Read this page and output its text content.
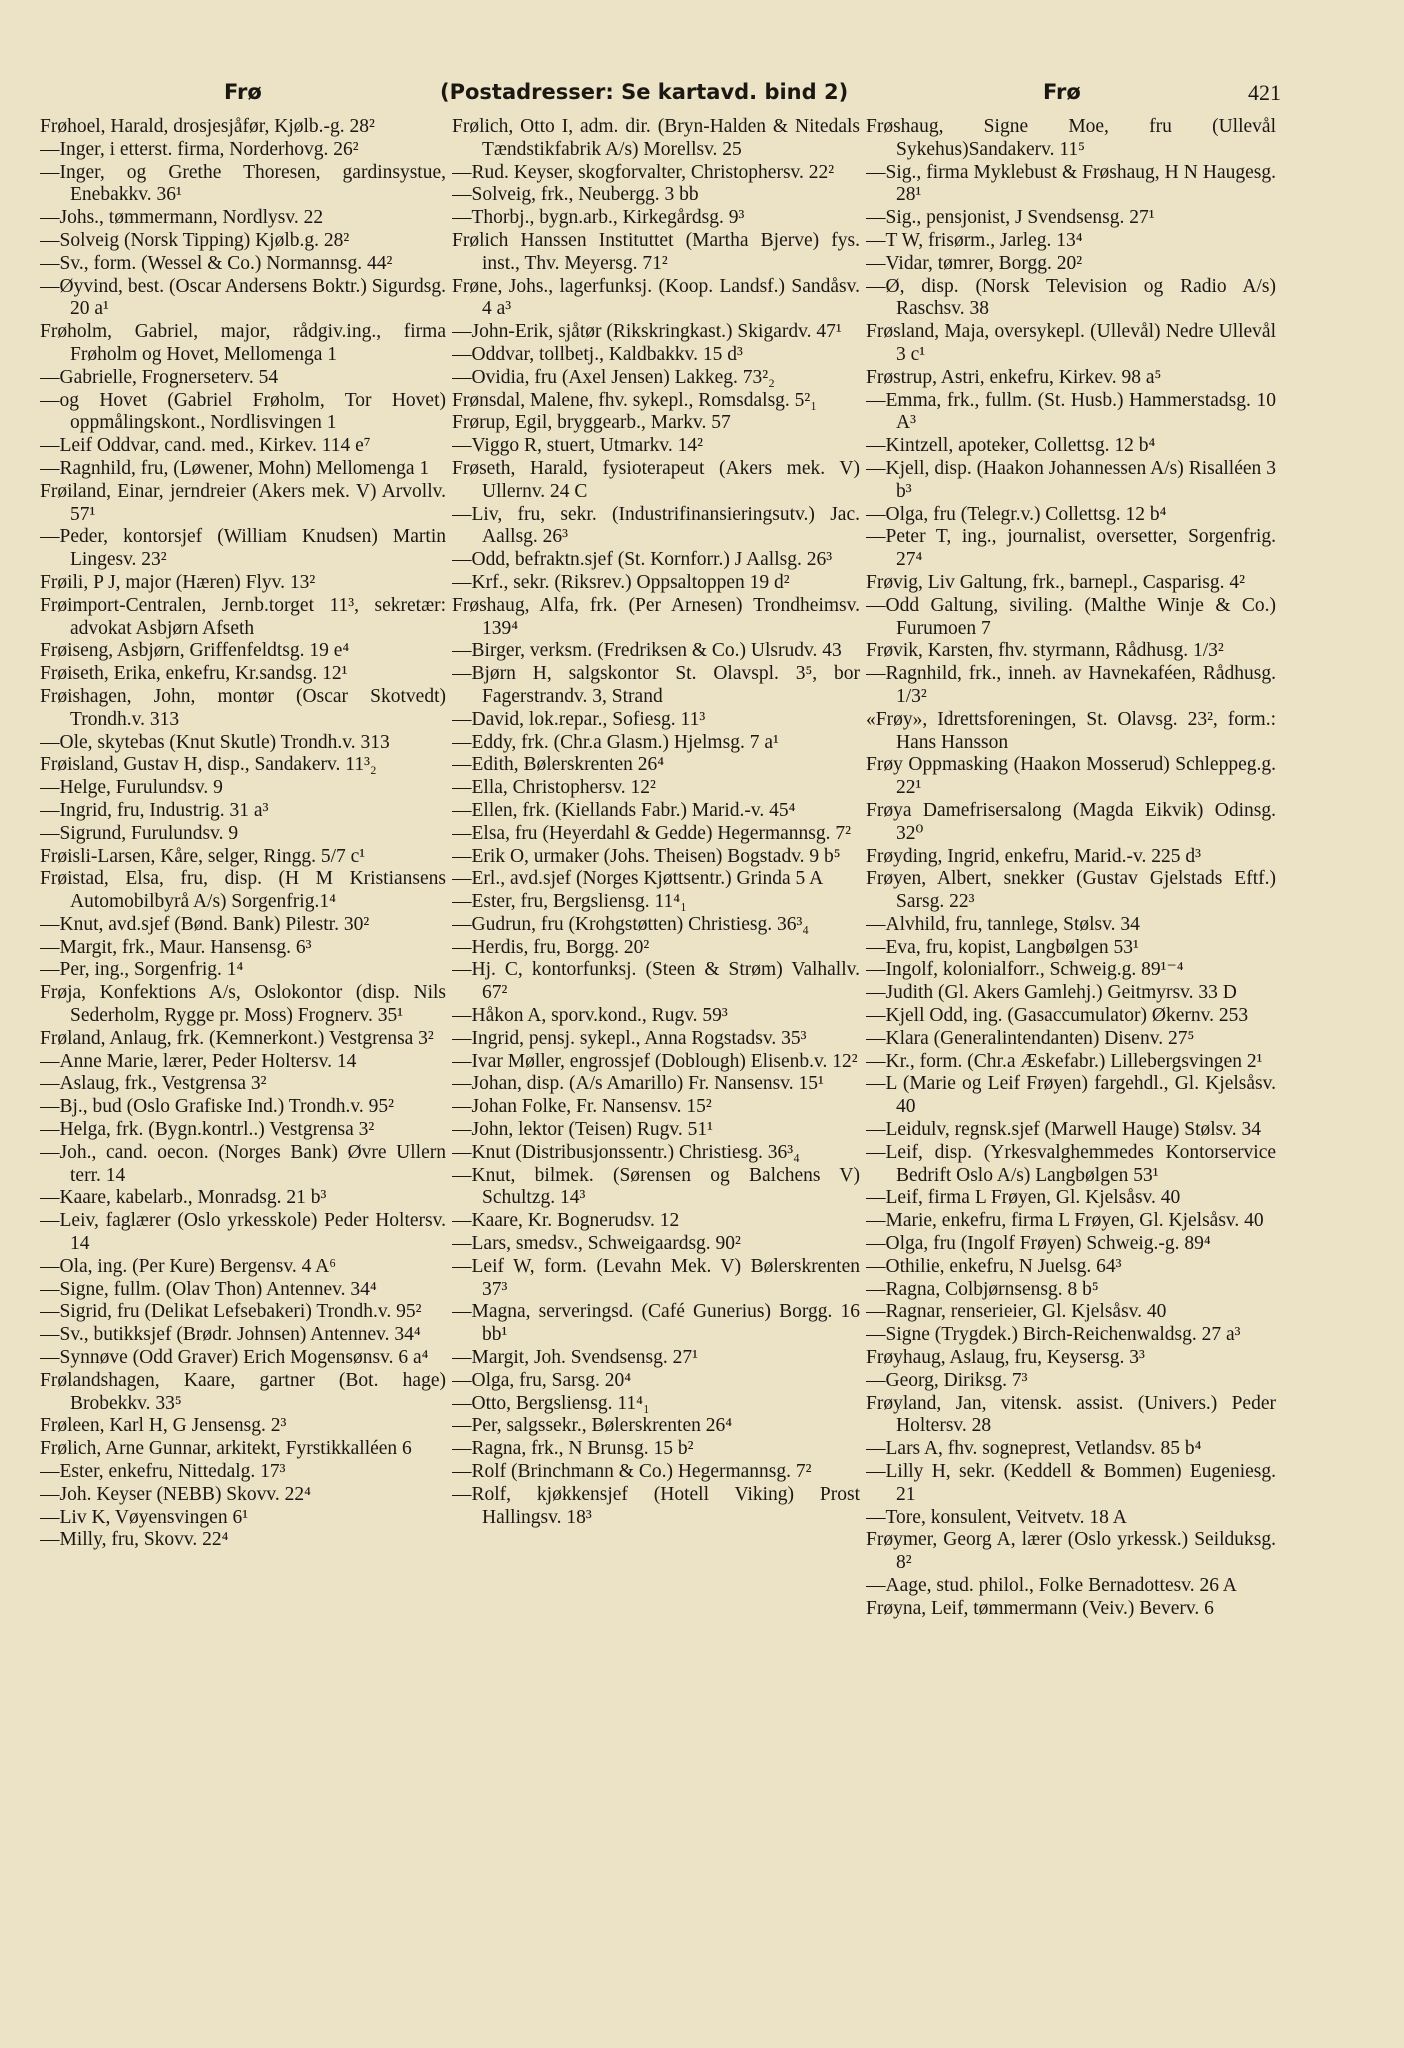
Frø	(Postadresser: Se kartavd. bind 2)	Frø	421

Frøhoel, Harald, drosjesjåfør, Kjølb.-g. 28²

—Inger, i etterst. firma, Norderhovg. 26²

—Inger, og Grethe Thoresen, gardinsystue, Enebakkv. 36¹

—Johs., tømmermann, Nordlysv. 22

—Solveig (Norsk Tipping) Kjølb.g. 28²

—Sv., form. (Wessel & Co.) Normannsg. 44²

—Øyvind, best. (Oscar Andersens Boktr.) Sigurdsg. 20 a¹

Frøholm, Gabriel, major, rådgiv.ing., firma Frøholm og Hovet, Mellomenga 1

—Gabrielle, Frognerseterv. 54

—og Hovet (Gabriel Frøholm, Tor Hovet) oppmålingskont., Nordlisvingen 1

—Leif Oddvar, cand. med., Kirkev. 114 e⁷

—Ragnhild, fru, (Løwener, Mohn) Mellomenga 1

Frøiland, Einar, jerndreier (Akers mek. V) Arvollv. 57¹

—Peder, kontorsjef (William Knudsen) Martin Lingesv. 23²

Frøili, P J, major (Hæren) Flyv. 13²

Frøimport-Centralen, Jernb.torget 11³, sekretær: advokat Asbjørn Afseth

Frøiseng, Asbjørn, Griffenfeldtsg. 19 e⁴

Frøiseth, Erika, enkefru, Kr.sandsg. 12¹

Frøishagen, John, montør (Oscar Skotvedt) Trondh.v. 313

—Ole, skytebas (Knut Skutle) Trondh.v. 313

Frøisland, Gustav H, disp., Sandakerv. 11³₂

—Helge, Furulundsv. 9

—Ingrid, fru, Industrig. 31 a³

—Sigrund, Furulundsv. 9

Frøisli-Larsen, Kåre, selger, Ringg. 5/7 c¹

Frøistad, Elsa, fru, disp. (H M Kristiansens Automobilbyrå A/s) Sorgenfrig.1⁴

—Knut, avd.sjef (Bønd. Bank) Pilestr. 30²

—Margit, frk., Maur. Hansensg. 6³

—Per, ing., Sorgenfrig. 1⁴

Frøja, Konfektions A/s, Oslokontor (disp. Nils Sederholm, Rygge pr. Moss) Frognerv. 35¹

Frøland, Anlaug, frk. (Kemnerkont.) Vestgrensa 3²

—Anne Marie, lærer, Peder Holtersv. 14

—Aslaug, frk., Vestgrensa 3²

—Bj., bud (Oslo Grafiske Ind.) Trondh.v. 95²

—Helga, frk. (Bygn.kontrl..) Vestgrensa 3²

—Joh., cand. oecon. (Norges Bank) Øvre Ullern terr. 14

—Kaare, kabelarb., Monradsg. 21 b³

—Leiv, faglærer (Oslo yrkesskole) Peder Holtersv. 14

—Ola, ing. (Per Kure) Bergensv. 4 A⁶

—Signe, fullm. (Olav Thon) Antennev. 34⁴

—Sigrid, fru (Delikat Lefsebakeri) Trondh.v. 95²

—Sv., butikksjef (Brødr. Johnsen) Antennev. 34⁴

—Synnøve (Odd Graver) Erich Mogensønsv. 6 a⁴

Frølandshagen, Kaare, gartner (Bot. hage) Brobekkv. 33⁵

Frøleen, Karl H, G Jensensg. 2³

Frølich, Arne Gunnar, arkitekt, Fyrstikkalléen 6

—Ester, enkefru, Nittedalg. 17³

—Joh. Keyser (NEBB) Skovv. 22⁴

—Liv K, Vøyensvingen 6¹

—Milly, fru, Skovv. 22⁴

Frølich, Otto I, adm. dir. (Bryn-Halden & Nitedals Tændstikfabrik A/s) Morellsv. 25

—Rud. Keyser, skogforvalter, Christophersv. 22²

—Solveig, frk., Neubergg. 3 bb

—Thorbj., bygn.arb., Kirkegårdsg. 9³

Frølich Hanssen Instituttet (Martha Bjerve) fys. inst., Thv. Meyersg. 71²

Frøne, Johs., lagerfunksj. (Koop. Landsf.) Sandåsv. 4 a³

—John-Erik, sjåtør (Rikskringkast.) Skigardv. 47¹

—Oddvar, tollbetj., Kaldbakkv. 15 d³

—Ovidia, fru (Axel Jensen) Lakkeg. 73²₂

Frønsdal, Malene, fhv. sykepl., Romsdalsg. 5²₁

Frørup, Egil, bryggearb., Markv. 57

—Viggo R, stuert, Utmarkv. 14²

Frøseth, Harald, fysioterapeut (Akers mek. V) Ullernv. 24 C

—Liv, fru, sekr. (Industrifinansieringsutv.) Jac. Aallsg. 26³

—Odd, befraktn.sjef (St. Kornforr.) J Aallsg. 26³

—Krf., sekr. (Riksrev.) Oppsaltoppen 19 d²

Frøshaug, Alfa, frk. (Per Arnesen) Trondheimsv. 139⁴

—Birger, verksm. (Fredriksen & Co.) Ulsrudv. 43

—Bjørn H, salgskontor St. Olavspl. 3⁵, bor Fagerstrandv. 3, Strand

—David, lok.repar., Sofiesg. 11³

—Eddy, frk. (Chr.a Glasm.) Hjelmsg. 7 a¹

—Edith, Bølerskrenten 26⁴

—Ella, Christophersv. 12²

—Ellen, frk. (Kiellands Fabr.) Marid.-v. 45⁴

—Elsa, fru (Heyerdahl & Gedde) Hegermannsg. 7²

—Erik O, urmaker (Johs. Theisen) Bogstadv. 9 b⁵

—Erl., avd.sjef (Norges Kjøttsentr.) Grinda 5 A

—Ester, fru, Bergsliensg. 11⁴₁

—Gudrun, fru (Krohgstøtten) Christiesg. 36³₄

—Herdis, fru, Borgg. 20²

—Hj. C, kontorfunksj. (Steen & Strøm) Valhallv. 67²

—Håkon A, sporv.kond., Rugv. 59³

—Ingrid, pensj. sykepl., Anna Rogstadsv. 35³

—Ivar Møller, engrossjef (Doblough) Elisenb.v. 12²

—Johan, disp. (A/s Amarillo) Fr. Nansensv. 15¹

—Johan Folke, Fr. Nansensv. 15²

—John, lektor (Teisen) Rugv. 51¹

—Knut (Distribusjonssentr.) Christiesg. 36³₄

—Knut, bilmek. (Sørensen og Balchens V) Schultzg. 14³

—Kaare, Kr. Bognerudsv. 12

—Lars, smedsv., Schweigaardsg. 90²

—Leif W, form. (Levahn Mek. V) Bølerskrenten 37³

—Magna, serveringsd. (Café Gunerius) Borgg. 16 bb¹

—Margit, Joh. Svendsensg. 27¹

—Olga, fru, Sarsg. 20⁴

—Otto, Bergsliensg. 11⁴₁

—Per, salgssekr., Bølerskrenten 26⁴

—Ragna, frk., N Brunsg. 15 b²

—Rolf (Brinchmann & Co.) Hegermannsg. 7²

—Rolf, kjøkkensjef (Hotell Viking) Prost Hallingsv. 18³

Frøshaug, Signe Moe, fru (Ullevål Sykehus)Sandakerv. 11⁵

—Sig., firma Myklebust & Frøshaug, H N Haugesg. 28¹

—Sig., pensjonist, J Svendsensg. 27¹

—T W, frisørm., Jarleg. 13⁴

—Vidar, tømrer, Borgg. 20²

—Ø, disp. (Norsk Television og Radio A/s) Raschsv. 38

Frøsland, Maja, oversykepl. (Ullevål) Nedre Ullevål 3 c¹

Frøstrup, Astri, enkefru, Kirkev. 98 a⁵

—Emma, frk., fullm. (St. Husb.) Hammerstadsg. 10 A³

—Kintzell, apoteker, Collettsg. 12 b⁴

—Kjell, disp. (Haakon Johannessen A/s) Risalléen 3 b³

—Olga, fru (Telegr.v.) Collettsg. 12 b⁴

—Peter T, ing., journalist, oversetter, Sorgenfrig. 27⁴

Frøvig, Liv Galtung, frk., barnepl., Casparisg. 4²

—Odd Galtung, siviling. (Malthe Winje & Co.) Furumoen 7

Frøvik, Karsten, fhv. styrmann, Rådhusg. 1/3²

—Ragnhild, frk., inneh. av Havnekaféen, Rådhusg. 1/3²

«Frøy», Idrettsforeningen, St. Olavsg. 23², form.: Hans Hansson

Frøy Oppmasking (Haakon Mosserud) Schleppeg.g. 22¹

Frøya Damefrisersalong (Magda Eikvik) Odinsg. 32⁰

Frøyding, Ingrid, enkefru, Marid.-v. 225 d³

Frøyen, Albert, snekker (Gustav Gjelstads Eftf.) Sarsg. 22³

—Alvhild, fru, tannlege, Stølsv. 34

—Eva, fru, kopist, Langbølgen 53¹

—Ingolf, kolonialforr., Schweig.g. 89¹⁻⁴

—Judith (Gl. Akers Gamlehj.) Geitmyrsv. 33 D

—Kjell Odd, ing. (Gasaccumulator) Økernv. 253

—Klara (Generalintendanten) Disenv. 27⁵

—Kr., form. (Chr.a Æskefabr.) Lillebergsvingen 2¹

—L (Marie og Leif Frøyen) fargehdl., Gl. Kjelsåsv. 40

—Leidulv, regnsk.sjef (Marwell Hauge) Stølsv. 34

—Leif, disp. (Yrkesvalghemmedes Kontorservice Bedrift Oslo A/s) Langbølgen 53¹

—Leif, firma L Frøyen, Gl. Kjelsåsv. 40

—Marie, enkefru, firma L Frøyen, Gl. Kjelsåsv. 40

—Olga, fru (Ingolf Frøyen) Schweig.-g. 89⁴

—Othilie, enkefru, N Juelsg. 64³

—Ragna, Colbjørnsensg. 8 b⁵

—Ragnar, renserieier, Gl. Kjelsåsv. 40

—Signe (Trygdek.) Birch-Reichenwaldsg. 27 a³

Frøyhaug, Aslaug, fru, Keysersg. 3³

—Georg, Diriksg. 7³

Frøyland, Jan, vitensk. assist. (Univers.) Peder Holtersv. 28

—Lars A, fhv. sogneprest, Vetlandsv. 85 b⁴

—Lilly H, sekr. (Keddell & Bommen) Eugeniesg. 21

—Tore, konsulent, Veitvetv. 18 A

Frøymer, Georg A, lærer (Oslo yrkessk.) Seilduksg. 8²

—Aage, stud. philol., Folke Bernadottesv. 26 A

Frøyna, Leif, tømmermann (Veiv.) Beverv. 6
